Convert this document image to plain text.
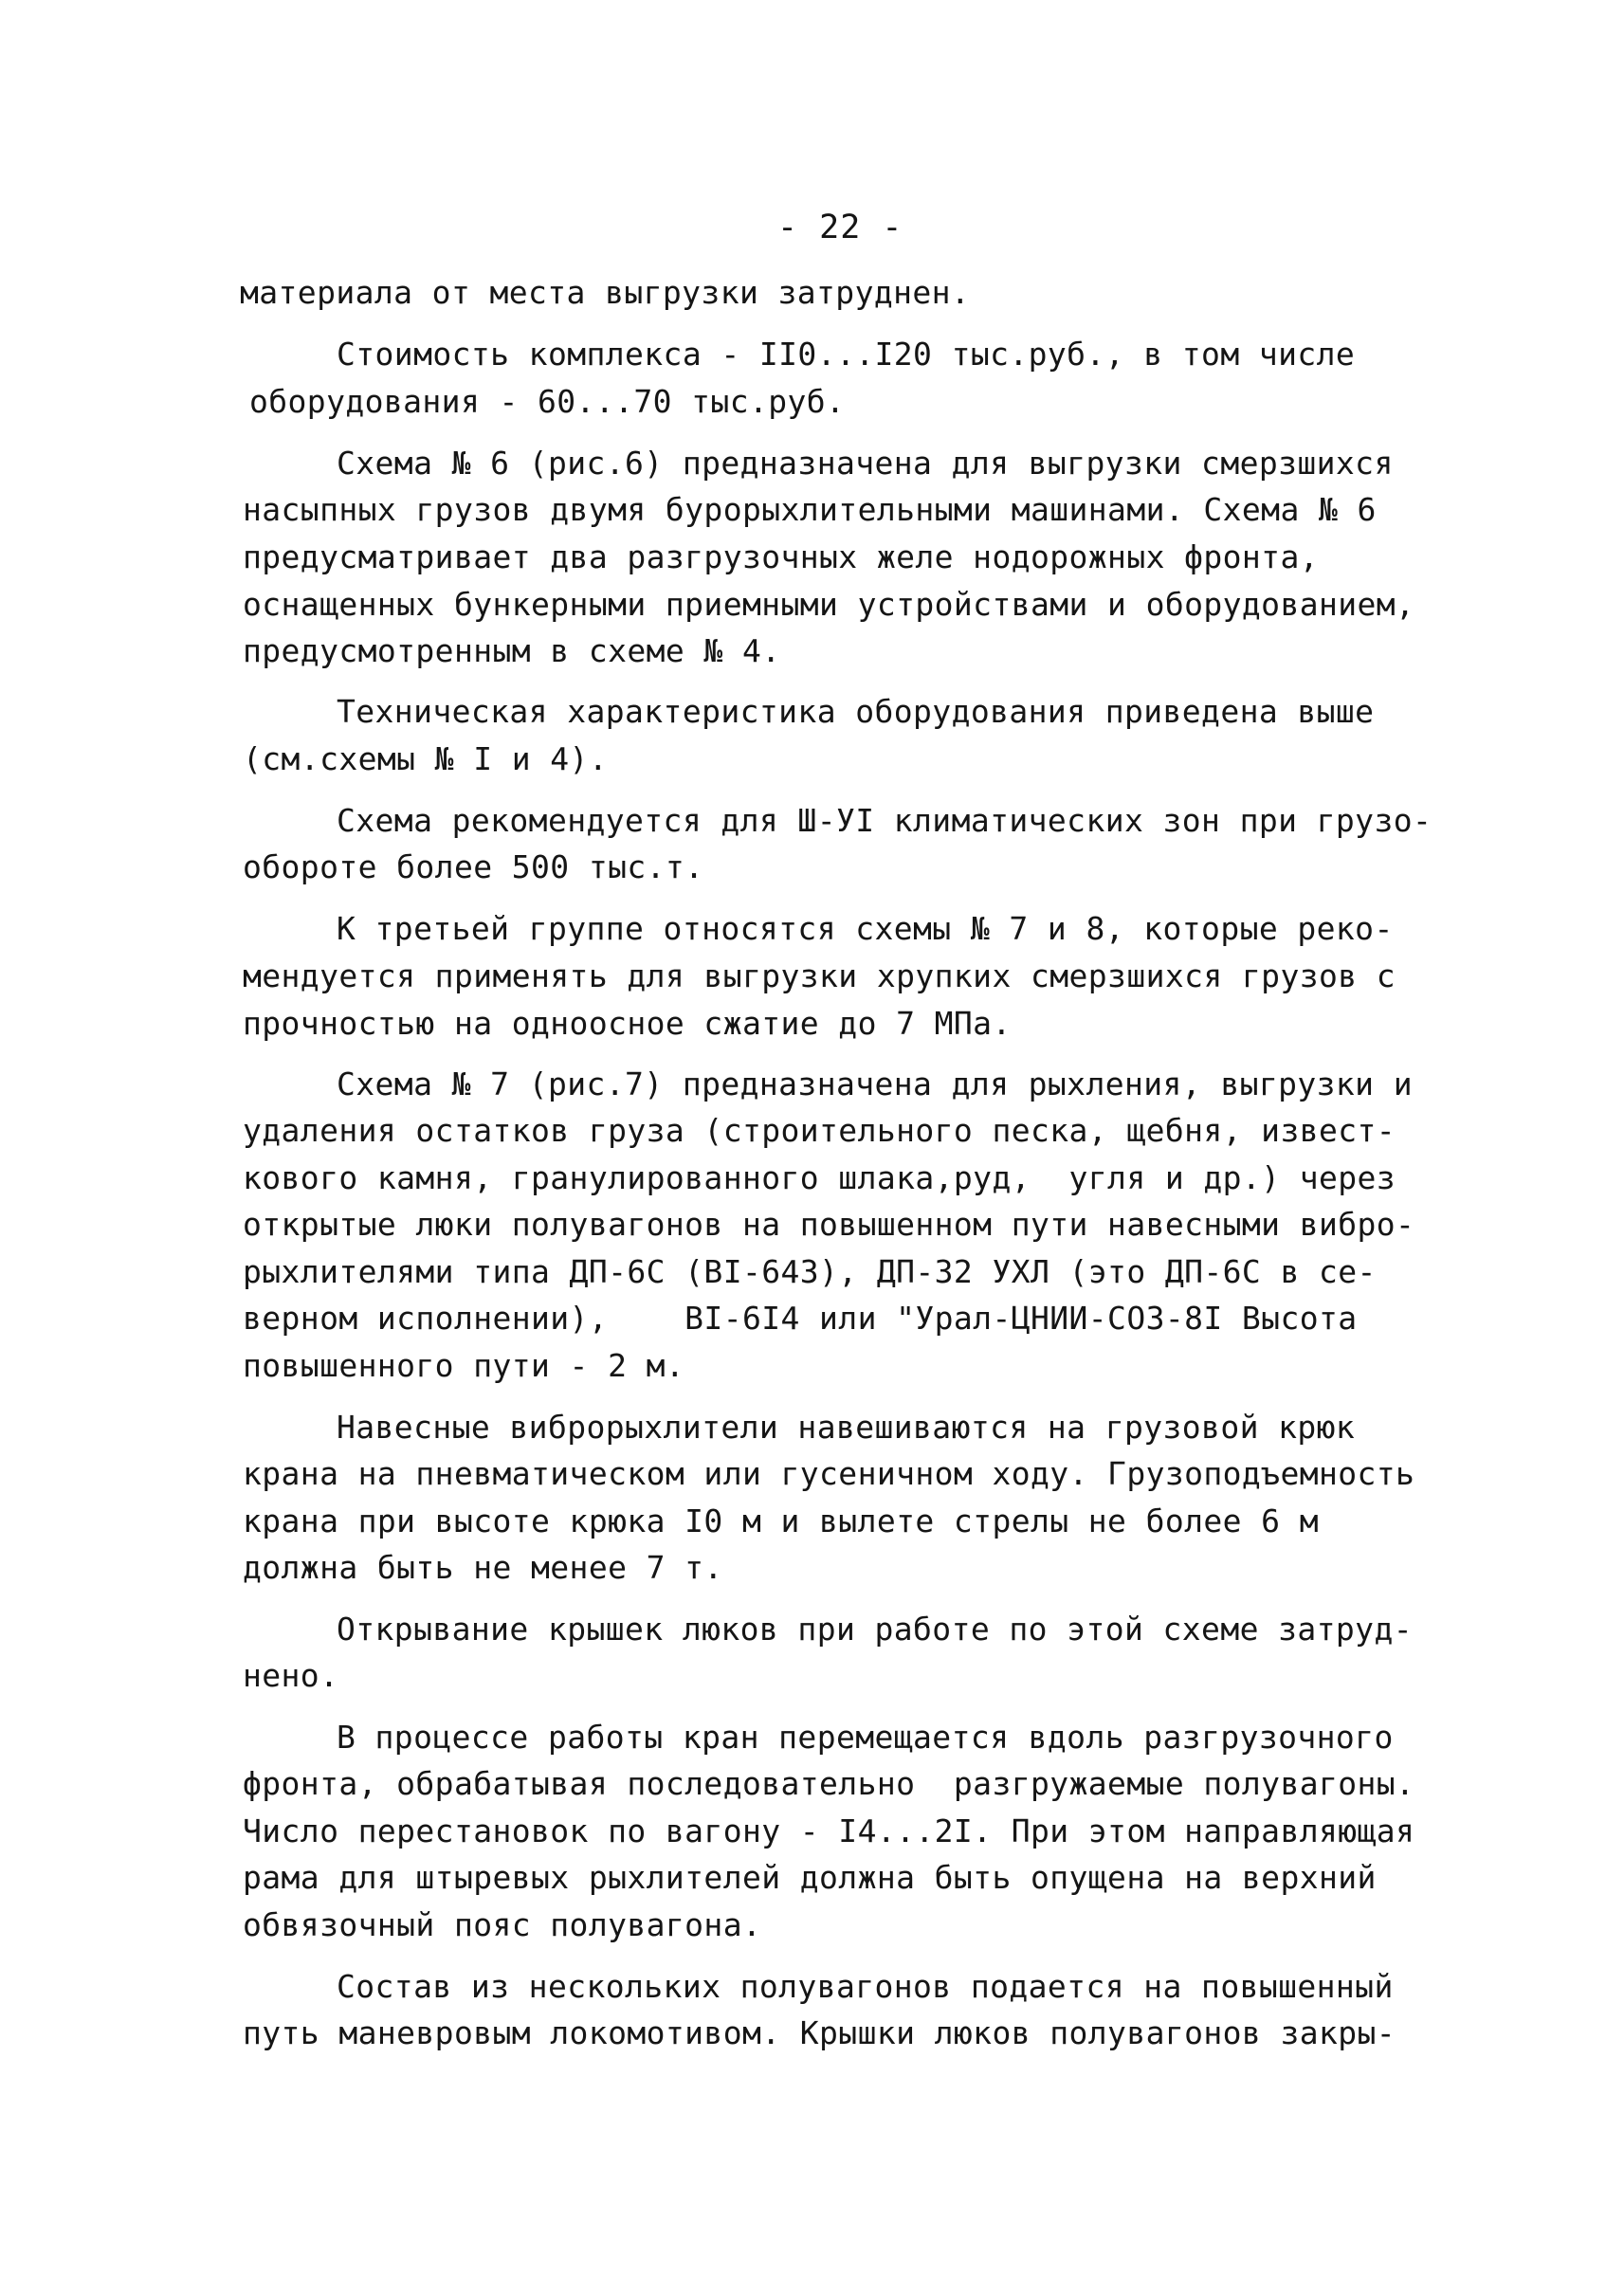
- 22 -
материала от места выгрузки затруднен.
Стоимость комплекса - II0...I20 тыс.руб., в том числе
оборудования - 60...70 тыс.руб.
Схема № 6 (рис.6) предназначена для выгрузки смерзшихся
насыпных грузов двумя бурорыхлительными машинами. Схема № 6
предусматривает два разгрузочных желе нодорожных фронта,
оснащенных бункерными приемными устройствами и оборудованием,
предусмотренным в схеме № 4.
Техническая характеристика оборудования приведена выше
(см.схемы № I и 4).
Схема рекомендуется для Ш-УI климатических зон при грузо-
обороте более 500 тыс.т.
К третьей группе относятся схемы № 7 и 8, которые реко-
мендуется применять для выгрузки хрупких смерзшихся грузов с
прочностью на одноосное сжатие до 7 МПа.
Схема № 7 (рис.7) предназначена для рыхления, выгрузки и
удаления остатков груза (строительного песка, щебня, извест-
кового камня, гранулированного шлака,руд,  угля и др.) через
открытые люки полувагонов на повышенном пути навесными вибро-
рыхлителями типа ДП-6С (ВI-643), ДП-32 УХЛ (это ДП-6С в се-
верном исполнении),    ВI-6I4 или "Урал-ЦНИИ-СОЗ-8I Высота
повышенного пути - 2 м.
Навесные виброрыхлители навешиваются на грузовой крюк
крана на пневматическом или гусеничном ходу. Грузоподъемность
крана при высоте крюка I0 м и вылете стрелы не более 6 м
должна быть не менее 7 т.
Открывание крышек люков при работе по этой схеме затруд-
нено.
В процессе работы кран перемещается вдоль разгрузочного
фронта, обрабатывая последовательно  разгружаемые полувагоны.
Число перестановок по вагону - I4...2I. При этом направляющая
рама для штыревых рыхлителей должна быть опущена на верхний
обвязочный пояс полувагона.
Состав из нескольких полувагонов подается на повышенный
путь маневровым локомотивом. Крышки люков полувагонов закры-
